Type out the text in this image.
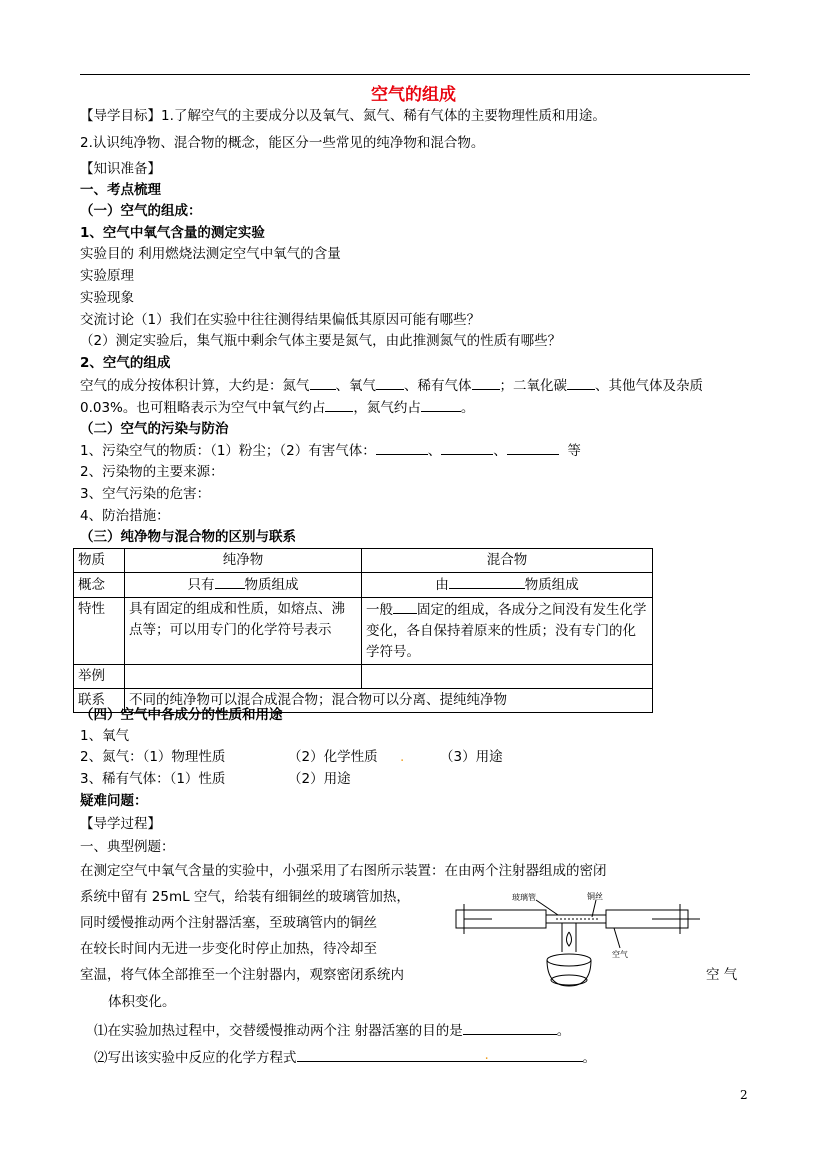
空气的组成
【导学目标】1.了解空气的主要成分以及氧气、氮气、稀有气体的主要物理性质和用途。
2.认识纯净物、混合物的概念，能区分一些常见的纯净物和混合物。
【知识准备】
一、考点梳理
（一）空气的组成：
1、空气中氧气含量的测定实验
实验目的 利用燃烧法测定空气中氧气的含量
实验原理
实验现象
交流讨论（1）我们在实验中往往测得结果偏低其原因可能有哪些？
（2）测定实验后，集气瓶中剩余气体主要是氮气，由此推测氮气的性质有哪些？
2、空气的组成
空气的成分按体积计算，大约是：氮气 、氧气 、稀有气体 ；二氧化碳 、其他气体及杂质
0.03%。也可粗略表示为空气中氧气约占 ，氮气约占	。
（二）空气的污染与防治
1、污染空气的物质：（1）粉尘；（2）有害气体：	、	、	等
2、污染物的主要来源：
3、空气污染的危害：
4、防治措施：
（三）纯净物与混合物的区别与联系
物质	纯净物	混合物
概念	只有 物质组成	由 物质组成
特性	具有固定的组成和性质，如熔点、沸点等；可以用专门的化学符号表示	一般 固定的组成，各成分之间没有发生化学变化，各自保持着原来的性质；没有专门的化学符号。
举例		
联系	不同的纯净物可以混合成混合物；混合物可以分离、提纯纯净物	
（四）空气中各成分的性质和用途
1、氧气
2、氮气：（1）物理性质	（2）化学性质 .	（3）用途
3、稀有气体：（1）性质	（2）用途
疑难问题：
【导学过程】
一、典型例题：
在测定空气中氧气含量的实验中，小强采用了右图所示装置：在由两个注射器组成的密闭
系统中留有 25mL 空气，给装有细铜丝的玻璃管加热，
同时缓慢推动两个注射器活塞，至玻璃管内的铜丝
在较长时间内无进一步变化时停止加热，待冷却至
室温，将气体全部推至一个注射器内，观察密闭系统内	空 气
体积变化。
⑴在实验加热过程中，交替缓慢推动两个注 射器活塞的目的是	。
⑵写出该实验中反应的化学方程式	.	。
玻璃管	铜丝
空气
2
